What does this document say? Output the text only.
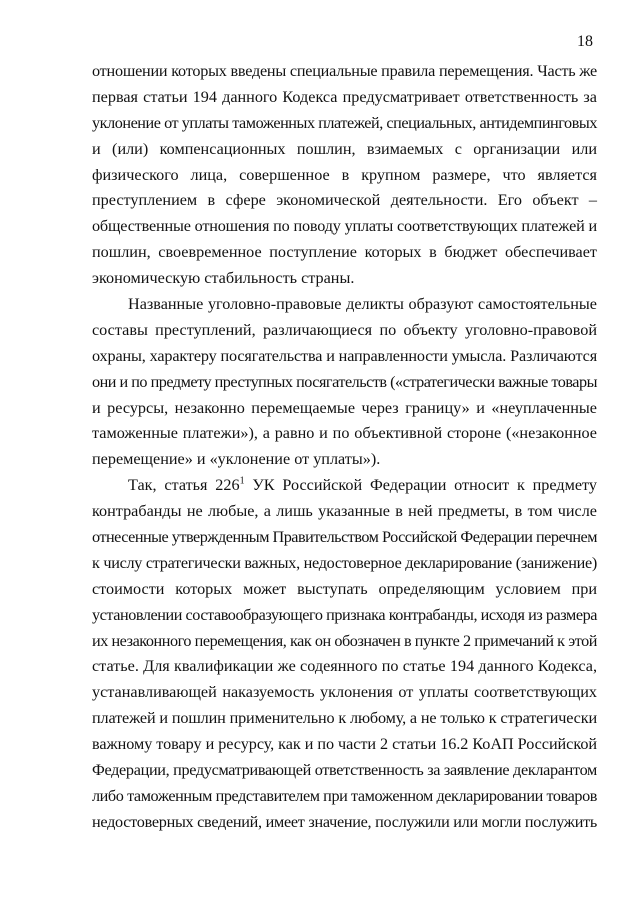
18
отношении которых введены специальные правила перемещения. Часть же
первая статьи 194 данного Кодекса предусматривает ответственность за
уклонение от уплаты таможенных платежей, специальных, антидемпинговых
и (или) компенсационных пошлин, взимаемых с организации или
физического лица, совершенное в крупном размере, что является
преступлением в сфере экономической деятельности. Его объект –
общественные отношения по поводу уплаты соответствующих платежей и
пошлин, своевременное поступление которых в бюджет обеспечивает
экономическую стабильность страны.
Названные уголовно-правовые деликты образуют самостоятельные
составы преступлений, различающиеся по объекту уголовно-правовой
охраны, характеру посягательства и направленности умысла. Различаются
они и по предмету преступных посягательств («стратегически важные товары
и ресурсы, незаконно перемещаемые через границу» и «неуплаченные
таможенные платежи»), а равно и по объективной стороне («незаконное
перемещение» и «уклонение от уплаты»).
Так, статья $226^1$ УК Российской Федерации относит к предмету
контрабанды не любые, а лишь указанные в ней предметы, в том числе
отнесенные утвержденным Правительством Российской Федерации перечнем
к числу стратегически важных, недостоверное декларирование (занижение)
стоимости которых может выступать определяющим условием при
установлении составообразующего признака контрабанды, исходя из размера
их незаконного перемещения, как он обозначен в пункте 2 примечаний к этой
статье. Для квалификации же содеянного по статье 194 данного Кодекса,
устанавливающей наказуемость уклонения от уплаты соответствующих
платежей и пошлин применительно к любому, а не только к стратегически
важному товару и ресурсу, как и по части 2 статьи 16.2 КоАП Российской
Федерации, предусматривающей ответственность за заявление декларантом
либо таможенным представителем при таможенном декларировании товаров
недостоверных сведений, имеет значение, послужили или могли послужить
